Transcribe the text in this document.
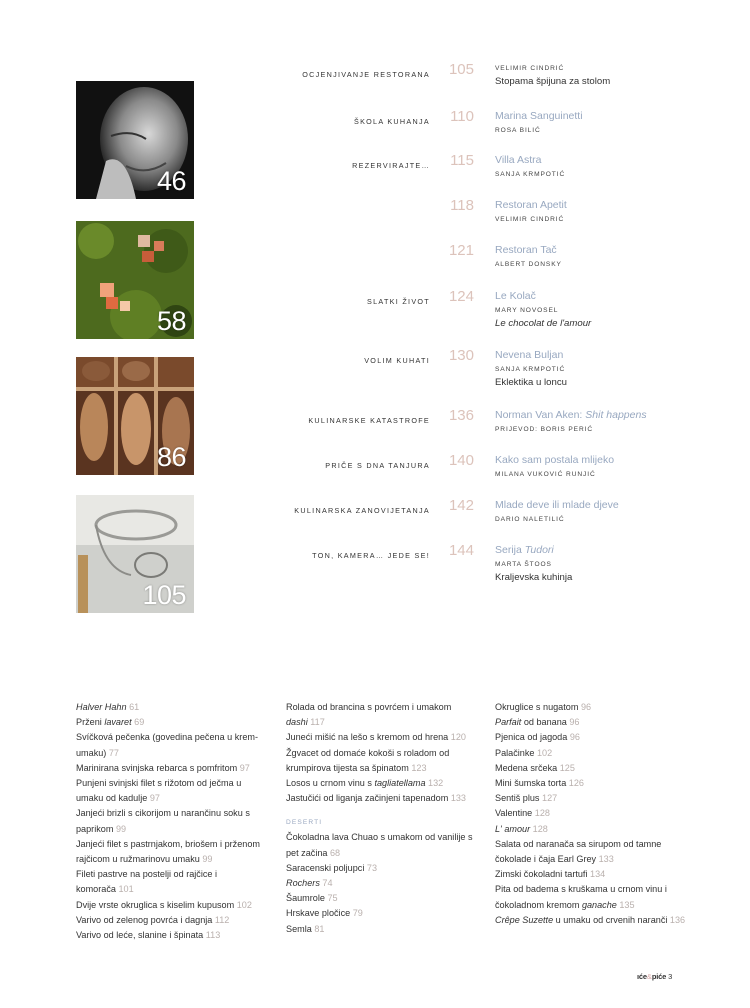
46
58
86
105
OCJENJIVANJE RESTORANA	105	VELIMIR CINDRIĆ
Stopama špijuna za stolom
ŠKOLA KUHANJA	110 Marina Sanguinetti
ROSA BILIĆ
REZERVIRAJTE…	115 Villa Astra
SANJA KRMPOTIĆ
118 Restoran Apetit
VELIMIR CINDRIĆ
121 Restoran Tač
ALBERT DONSKY
SLATKI ŽIVOT	124 Le Kolač
MARY NOVOSEL
Le chocolat de l'amour
VOLIM KUHATI	130 Nevena Buljan
SANJA KRMPOTIĆ
Eklektika u loncu
KULINARSKE KATASTROFE	136 Norman Van Aken: Shit happens
PRIJEVOD: BORIS PERIĆ
PRIČE S DNA TANJURA	140 Kako sam postala mlijeko
MILANA VUKOVIĆ RUNJIĆ
KULINARSKA ZANOVIJETANJA	142 Mlade deve ili mlade djeve
DARIO NALETILIĆ
TON, KAMERA… JEDE SE!	144 Serija Tudori
MARTA ŠTOOS
Kraljevska kuhinja
Halver Hahn 61
Prženi lavaret 69
Svíčková pečenka (govedina pečena u krem-
umaku) 77
Marinirana svinjska rebarca s pomfritom 97
Punjeni svinjski filet s rižotom od ječma u
umaku od kadulje 97
Janjeći brizli s cikorijom u narančinu soku s
paprikom 99
Janjeći filet s pastrnjakom, briošem i prženom
rajčicom u ružmarinovu umaku 99
Fileti pastrve na postelji od rajčice i
komorača 101
Dvije vrste okruglica s kiselim kupusom 102
Varivo od zelenog povrća i dagnja 112
Varivo od leće, slanine i špinata 113
Rolada od brancina s povrćem i umakom
dashi 117
Juneći mišić na lešo s kremom od hrena 120
Žgvacet od domaće kokoši s roladom od
krumpirova tijesta sa špinatom 123
Losos u crnom vinu s tagliatellama 132
Jastučići od liganja začinjeni tapenadom 133
DESERTI
Čokoladna lava Chuao s umakom od vanilije s
pet začina 68
Saracenski poljupci 73
Rochers 74
Šaumrole 75
Hrskave pločice 79
Semla 81
Okruglice s nugatom 96
Parfait od banana 96
Pjenica od jagoda 96
Palačinke 102
Medena srčeka 125
Mini šumska torta 126
Sentiš plus 127
Valentine 128
L' amour 128
Salata od naranača sa sirupom od tamne
čokolade i čaja Earl Grey 133
Zimski čokoladni tartufi 134
Pita od badema s kruškama u crnom vinu i
čokoladnom kremom ganache 135
Crêpe Suzette u umaku od crvenih naranči 136
ıće&piće 3
